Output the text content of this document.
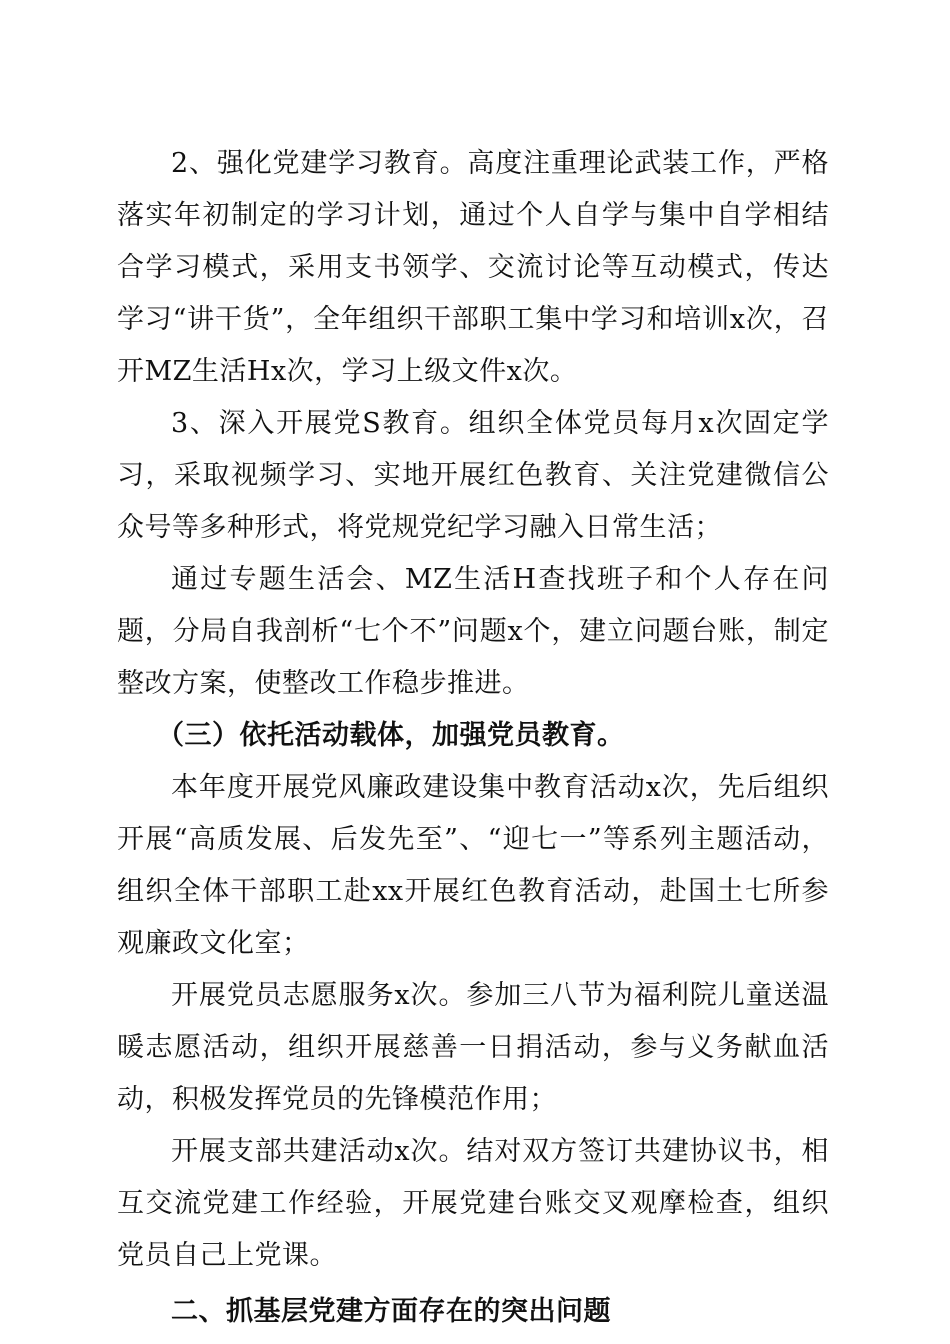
2、强化党建学习教育。高度注重理论武装工作，严格落实年初制定的学习计划，通过个人自学与集中自学相结合学习模式，采用支书领学、交流讨论等互动模式，传达学习“讲干货”，全年组织干部职工集中学习和培训x次，召开MZ生活Hx次，学习上级文件x次。

3、深入开展党S教育。组织全体党员每月x次固定学习，采取视频学习、实地开展红色教育、关注党建微信公众号等多种形式，将党规党纪学习融入日常生活；

通过专题生活会、MZ生活H查找班子和个人存在问题，分局自我剖析“七个不”问题x个，建立问题台账，制定整改方案，使整改工作稳步推进。

（三）依托活动载体，加强党员教育。

本年度开展党风廉政建设集中教育活动x次，先后组织开展“高质发展、后发先至”、“迎七一”等系列主题活动，组织全体干部职工赴xx开展红色教育活动，赴国土七所参观廉政文化室；

开展党员志愿服务x次。参加三八节为福利院儿童送温暖志愿活动，组织开展慈善一日捐活动，参与义务献血活动，积极发挥党员的先锋模范作用；

开展支部共建活动x次。结对双方签订共建协议书，相互交流党建工作经验，开展党建台账交叉观摩检查，组织党员自己上党课。

二、抓基层党建方面存在的突出问题
